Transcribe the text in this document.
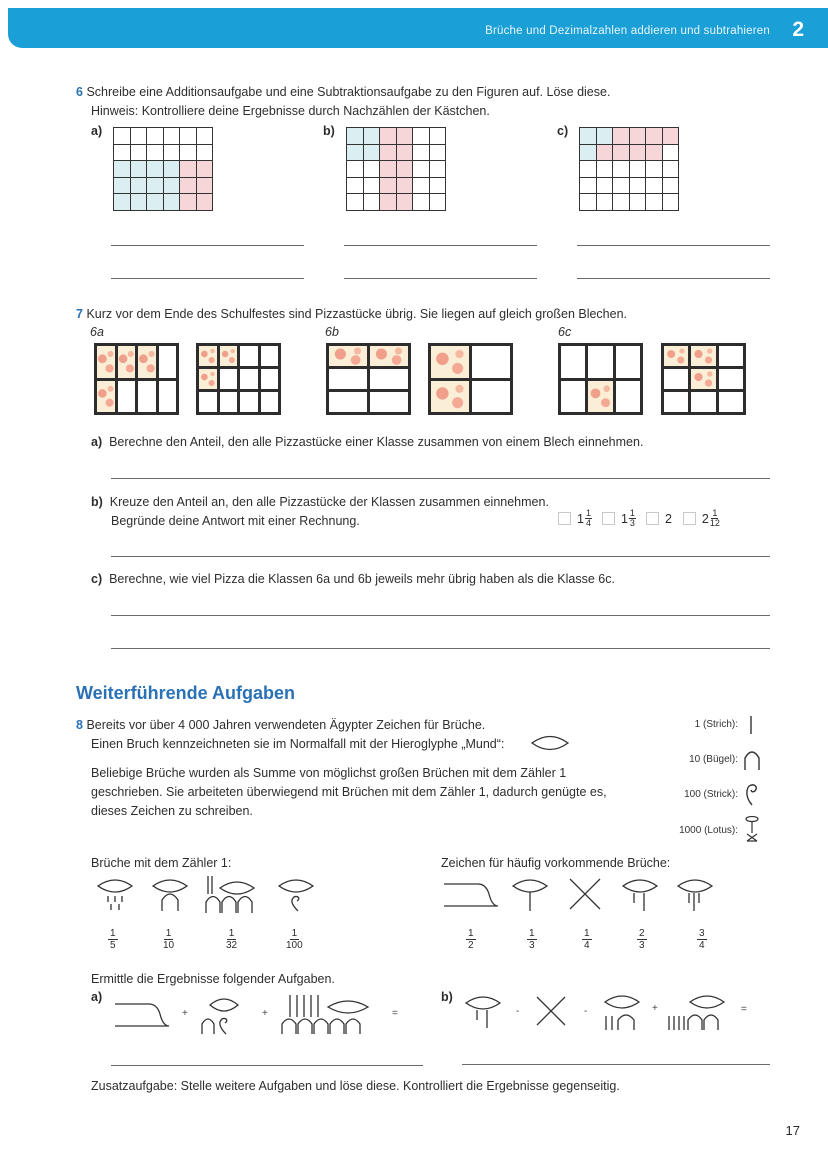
Brüche und Dezimalzahlen addieren und subtrahieren 2
6 Schreibe eine Additionsaufgabe und eine Subtraktionsaufgabe zu den Figuren auf. Löse diese.
Hinweis: Kontrolliere deine Ergebnisse durch Nachzählen der Kästchen.
a)	b)	c)
7 Kurz vor dem Ende des Schulfestes sind Pizzastücke übrig. Sie liegen auf gleich großen Blechen.
6a	6b	6c
a) Berechne den Anteil, den alle Pizzastücke einer Klasse zusammen von einem Blech einnehmen.
b) Kreuze den Anteil an, den alle Pizzastücke der Klassen zusammen einnehmen.
Begründe deine Antwort mit einer Rechnung.	$1 \frac{1}{4} 1 \frac{1}{3} 2$ $2 \frac{1}{12}$
c) Berechne, wie viel Pizza die Klassen 6a und 6b jeweils mehr übrig haben als die Klasse 6c.
Weiterführende Aufgaben
8 Bereits vor über 4 000 Jahren verwendeten Ägypter Zeichen für Brüche.
Einen Bruch kennzeichneten sie im Normalfall mit der Hieroglyphe „Mund“:
Beliebige Brüche wurden als Summe von möglichst großen Brüchen mit dem Zähler 1
geschrieben. Sie arbeiteten überwiegend mit Brüchen mit dem Zähler 1, dadurch genügte es,
dieses Zeichen zu schreiben.
1 (Strich):
10 (Bügel):
100 (Strick):
1000 (Lotus):
Brüche mit dem Zähler 1:
$\frac{1}{5}$	$\frac{1}{10}$	$\frac{1}{32}$	$\frac{1}{100}$
Zeichen für häufig vorkommende Brüche:
$\frac{1}{2}$	$\frac{1}{3}$	$\frac{1}{4}$	$\frac{2}{3}$	$\frac{3}{4}$
Ermittle die Ergebnisse folgender Aufgaben.
a)
+	+	=
b)
-	-	+	=
Zusatzaufgabe: Stelle weitere Aufgaben und löse diese. Kontrolliert die Ergebnisse gegenseitig.
17
